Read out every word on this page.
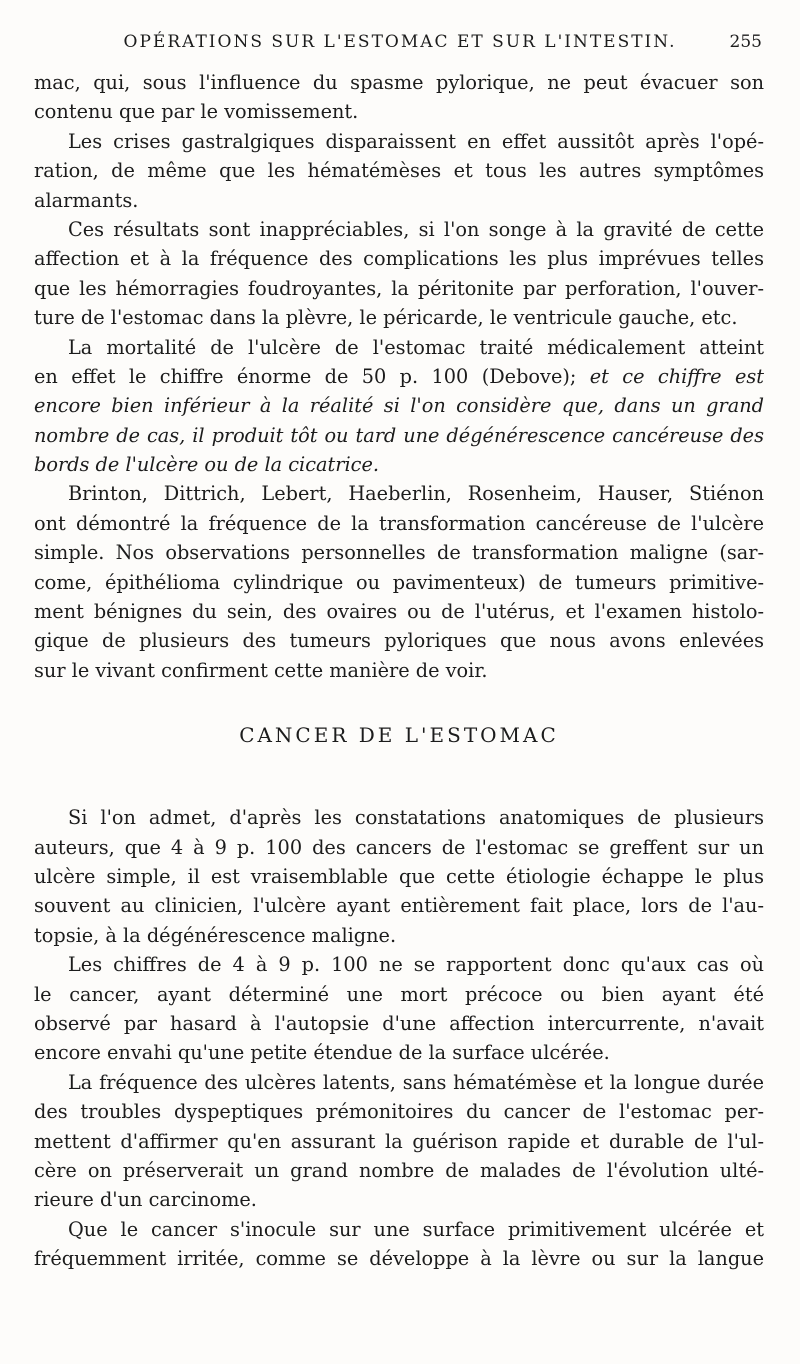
OPÉRATIONS SUR L'ESTOMAC ET SUR L'INTESTIN.	255
mac, qui, sous l'influence du spasme pylorique, ne peut évacuer son
contenu que par le vomissement.
Les crises gastralgiques disparaissent en effet aussitôt après l'opé-
ration, de même que les hématémèses et tous les autres symptômes
alarmants.
Ces résultats sont inappréciables, si l'on songe à la gravité de cette
affection et à la fréquence des complications les plus imprévues telles
que les hémorragies foudroyantes, la péritonite par perforation, l'ouver-
ture de l'estomac dans la plèvre, le péricarde, le ventricule gauche, etc.
La mortalité de l'ulcère de l'estomac traité médicalement atteint
en effet le chiffre énorme de 50 p. 100 (Debove); et ce chiffre est
encore bien inférieur à la réalité si l'on considère que, dans un grand
nombre de cas, il produit tôt ou tard une dégénérescence cancéreuse des
bords de l'ulcère ou de la cicatrice.
Brinton, Dittrich, Lebert, Haeberlin, Rosenheim, Hauser, Stiénon
ont démontré la fréquence de la transformation cancéreuse de l'ulcère
simple. Nos observations personnelles de transformation maligne (sar-
come, épithélioma cylindrique ou pavimenteux) de tumeurs primitive-
ment bénignes du sein, des ovaires ou de l'utérus, et l'examen histolo-
gique de plusieurs des tumeurs pyloriques que nous avons enlevées
sur le vivant confirment cette manière de voir.
CANCER DE L'ESTOMAC
Si l'on admet, d'après les constatations anatomiques de plusieurs
auteurs, que 4 à 9 p. 100 des cancers de l'estomac se greffent sur un
ulcère simple, il est vraisemblable que cette étiologie échappe le plus
souvent au clinicien, l'ulcère ayant entièrement fait place, lors de l'au-
topsie, à la dégénérescence maligne.
Les chiffres de 4 à 9 p. 100 ne se rapportent donc qu'aux cas où
le cancer, ayant déterminé une mort précoce ou bien ayant été
observé par hasard à l'autopsie d'une affection intercurrente, n'avait
encore envahi qu'une petite étendue de la surface ulcérée.
La fréquence des ulcères latents, sans hématémèse et la longue durée
des troubles dyspeptiques prémonitoires du cancer de l'estomac per-
mettent d'affirmer qu'en assurant la guérison rapide et durable de l'ul-
cère on préserverait un grand nombre de malades de l'évolution ulté-
rieure d'un carcinome.
Que le cancer s'inocule sur une surface primitivement ulcérée et
fréquemment irritée, comme se développe à la lèvre ou sur la langue
